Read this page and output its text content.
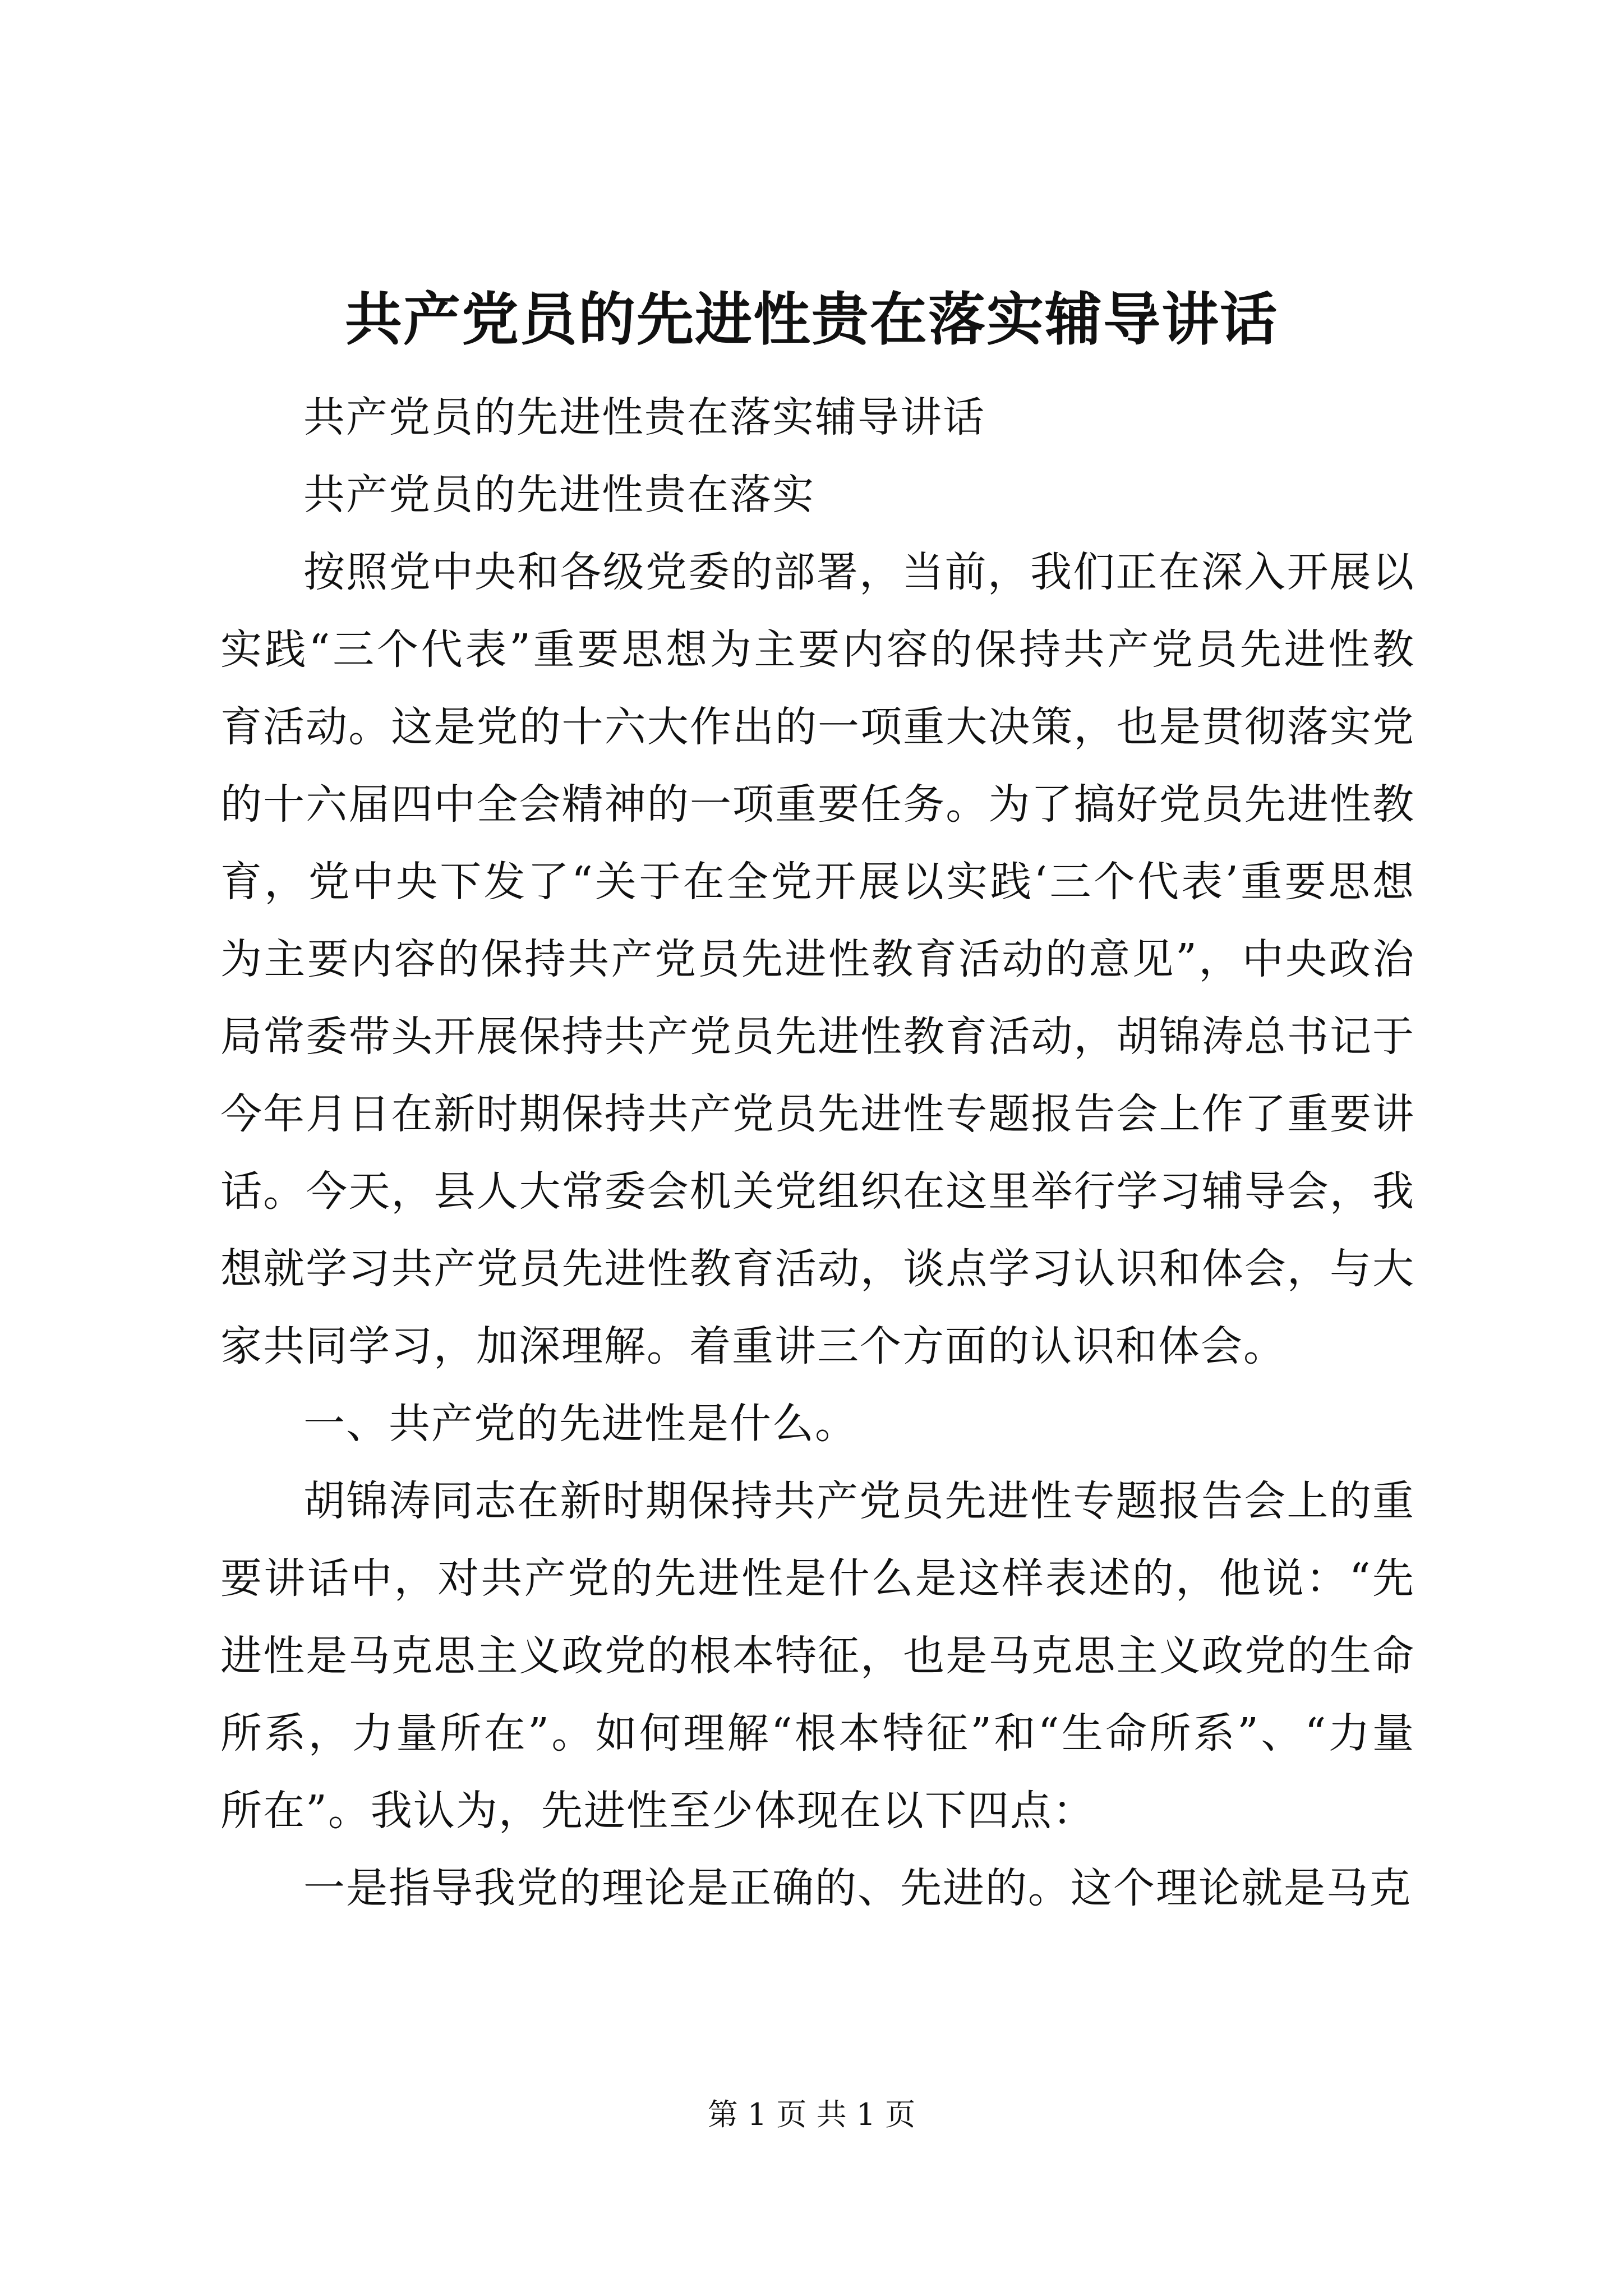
共产党员的先进性贵在落实辅导讲话

共产党员的先进性贵在落实辅导讲话

共产党员的先进性贵在落实

按照党中央和各级党委的部署，当前，我们正在深入开展以实践“三个代表”重要思想为主要内容的保持共产党员先进性教育活动。这是党的十六大作出的一项重大决策，也是贯彻落实党的十六届四中全会精神的一项重要任务。为了搞好党员先进性教育，党中央下发了“关于在全党开展以实践‘三个代表’重要思想为主要内容的保持共产党员先进性教育活动的意见”，中央政治局常委带头开展保持共产党员先进性教育活动，胡锦涛总书记于今年月日在新时期保持共产党员先进性专题报告会上作了重要讲话。今天，县人大常委会机关党组织在这里举行学习辅导会，我想就学习共产党员先进性教育活动，谈点学习认识和体会，与大家共同学习，加深理解。着重讲三个方面的认识和体会。

一、共产党的先进性是什么。

胡锦涛同志在新时期保持共产党员先进性专题报告会上的重要讲话中，对共产党的先进性是什么是这样表述的，他说：“先进性是马克思主义政党的根本特征，也是马克思主义政党的生命所系，力量所在”。如何理解“根本特征”和“生命所系”、“力量所在”。我认为，先进性至少体现在以下四点：

一是指导我党的理论是正确的、先进的。这个理论就是马克

第 1 页 共 1 页
